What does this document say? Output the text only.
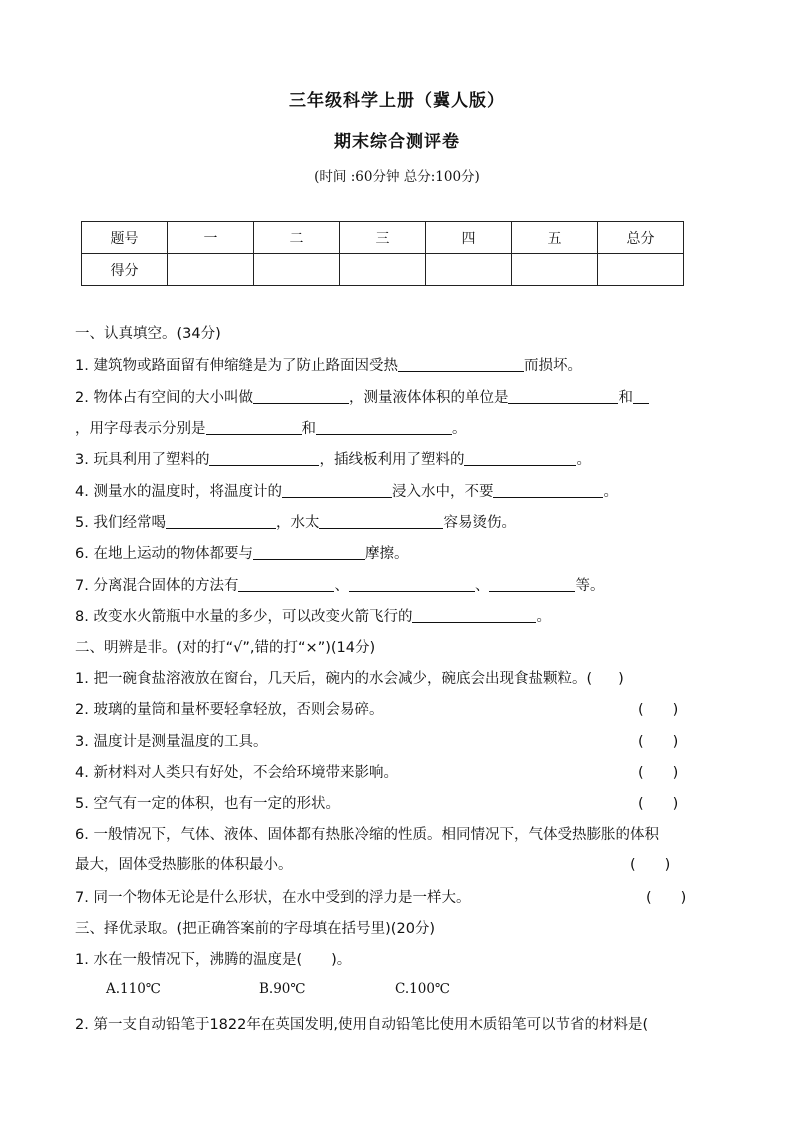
三年级科学上册（冀人版）
期末综合测评卷
(时间 :60分钟 总分:100分)
题号	一	二	三	四	五	总分
得分						
一、认真填空。(34分)
1. 建筑物或路面留有伸缩缝是为了防止路面因受热	而损坏。
2. 物体占有空间的大小叫做	，测量液体体积的单位是	和
，用字母表示分别是	和	。
3. 玩具利用了塑料的	，插线板利用了塑料的	。
4. 测量水的温度时，将温度计的	浸入水中，不要	。
5. 我们经常喝	，水太	容易烫伤。
6. 在地上运动的物体都要与	摩擦。
7. 分离混合固体的方法有	、	、	等。
8. 改变水火箭瓶中水量的多少，可以改变火箭飞行的	。
二、明辨是非。(对的打“√”,错的打“×”)(14分)
1. 把一碗食盐溶液放在窗台，几天后，碗内的水会减少，碗底会出现食盐颗粒。( )
2. 玻璃的量筒和量杯要轻拿轻放，否则会易碎。	(　　)
3. 温度计是测量温度的工具。	(　　)
4. 新材料对人类只有好处，不会给环境带来影响。	(　　)
5. 空气有一定的体积，也有一定的形状。	(　　)
6. 一般情况下，气体、液体、固体都有热胀冷缩的性质。相同情况下，气体受热膨胀的体积
最大，固体受热膨胀的体积最小。	(　　)
7. 同一个物体无论是什么形状，在水中受到的浮力是一样大。	(　　)
三、择优录取。(把正确答案前的字母填在括号里)(20分)
1. 水在一般情况下，沸腾的温度是(　　)。
A.110℃	B.90℃	C.100℃
2. 第一支自动铅笔于1822年在英国发明,使用自动铅笔比使用木质铅笔可以节省的材料是(
